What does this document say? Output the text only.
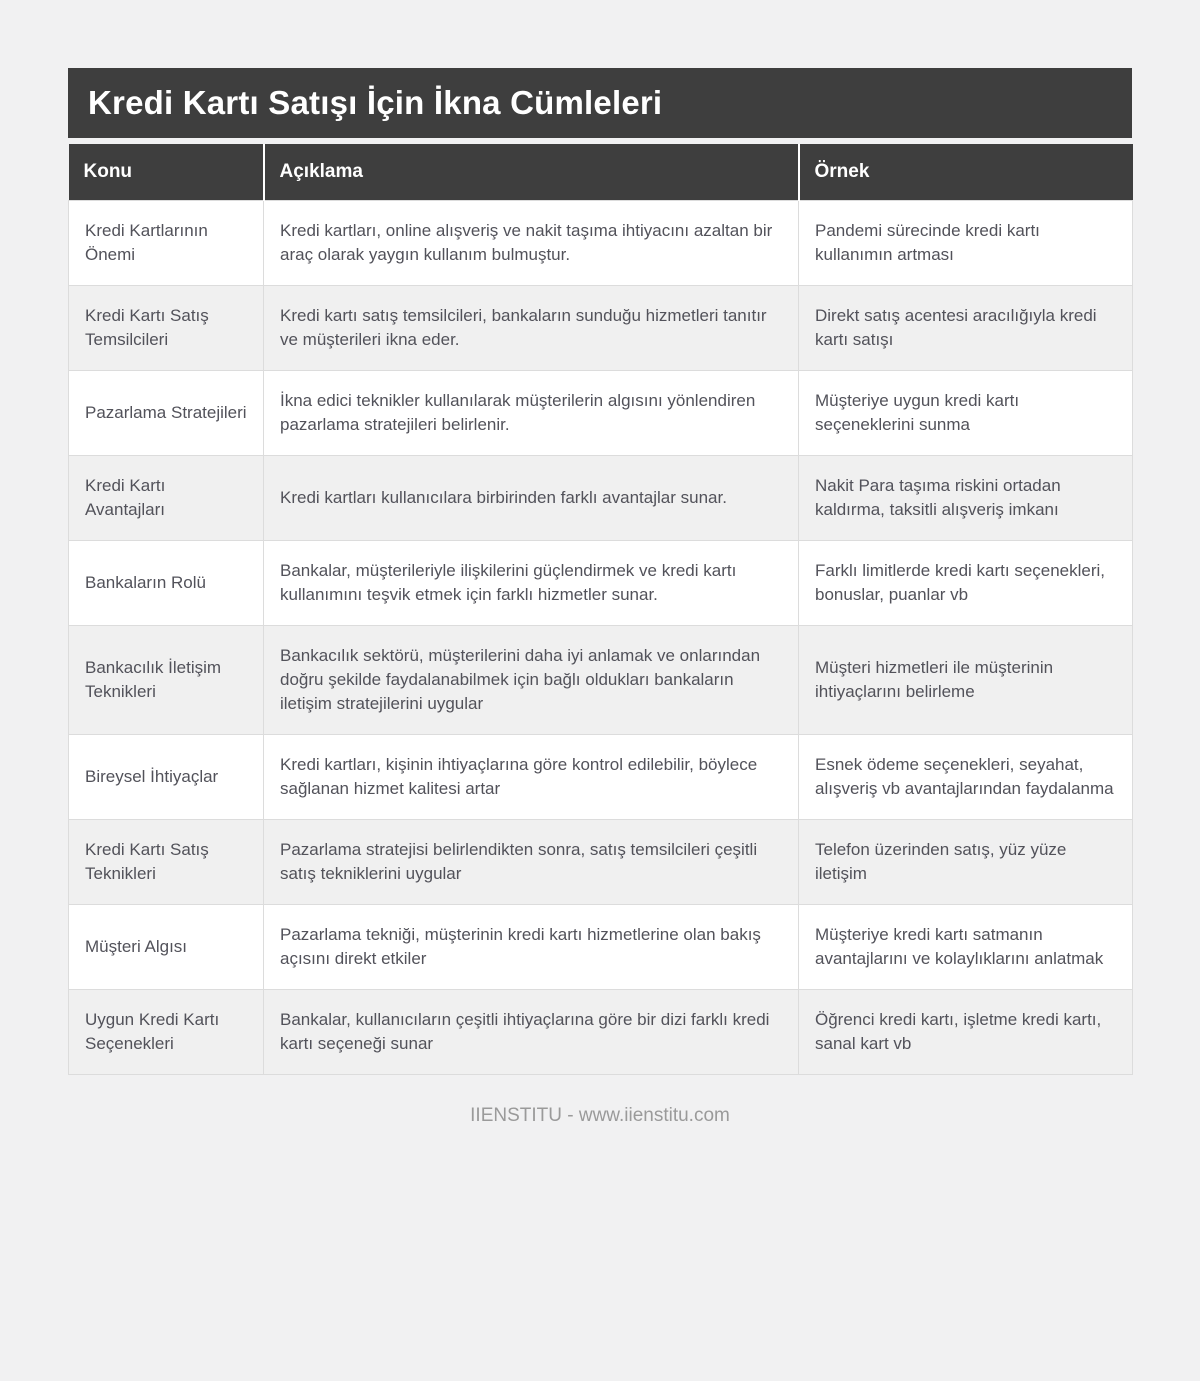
Kredi Kartı Satışı İçin İkna Cümleleri
Konu	Açıklama	Örnek
Kredi Kartlarının Önemi	Kredi kartları, online alışveriş ve nakit taşıma ihtiyacını azaltan bir araç olarak yaygın kullanım bulmuştur.	Pandemi sürecinde kredi kartı kullanımın artması
Kredi Kartı Satış Temsilcileri	Kredi kartı satış temsilcileri, bankaların sunduğu hizmetleri tanıtır ve müşterileri ikna eder.	Direkt satış acentesi aracılığıyla kredi kartı satışı
Pazarlama Stratejileri	İkna edici teknikler kullanılarak müşterilerin algısını yönlendiren pazarlama stratejileri belirlenir.	Müşteriye uygun kredi kartı seçeneklerini sunma
Kredi Kartı Avantajları	Kredi kartları kullanıcılara birbirinden farklı avantajlar sunar.	Nakit Para taşıma riskini ortadan kaldırma, taksitli alışveriş imkanı
Bankaların Rolü	Bankalar, müşterileriyle ilişkilerini güçlendirmek ve kredi kartı kullanımını teşvik etmek için farklı hizmetler sunar.	Farklı limitlerde kredi kartı seçenekleri, bonuslar, puanlar vb
Bankacılık İletişim Teknikleri	Bankacılık sektörü, müşterilerini daha iyi anlamak ve onlarından doğru şekilde faydalanabilmek için bağlı oldukları bankaların iletişim stratejilerini uygular	Müşteri hizmetleri ile müşterinin ihtiyaçlarını belirleme
Bireysel İhtiyaçlar	Kredi kartları, kişinin ihtiyaçlarına göre kontrol edilebilir, böylece sağlanan hizmet kalitesi artar	Esnek ödeme seçenekleri, seyahat, alışveriş vb avantajlarından faydalanma
Kredi Kartı Satış Teknikleri	Pazarlama stratejisi belirlendikten sonra, satış temsilcileri çeşitli satış tekniklerini uygular	Telefon üzerinden satış, yüz yüze iletişim
Müşteri Algısı	Pazarlama tekniği, müşterinin kredi kartı hizmetlerine olan bakış açısını direkt etkiler	Müşteriye kredi kartı satmanın avantajlarını ve kolaylıklarını anlatmak
Uygun Kredi Kartı Seçenekleri	Bankalar, kullanıcıların çeşitli ihtiyaçlarına göre bir dizi farklı kredi kartı seçeneği sunar	Öğrenci kredi kartı, işletme kredi kartı, sanal kart vb
IIENSTITU - www.iienstitu.com
